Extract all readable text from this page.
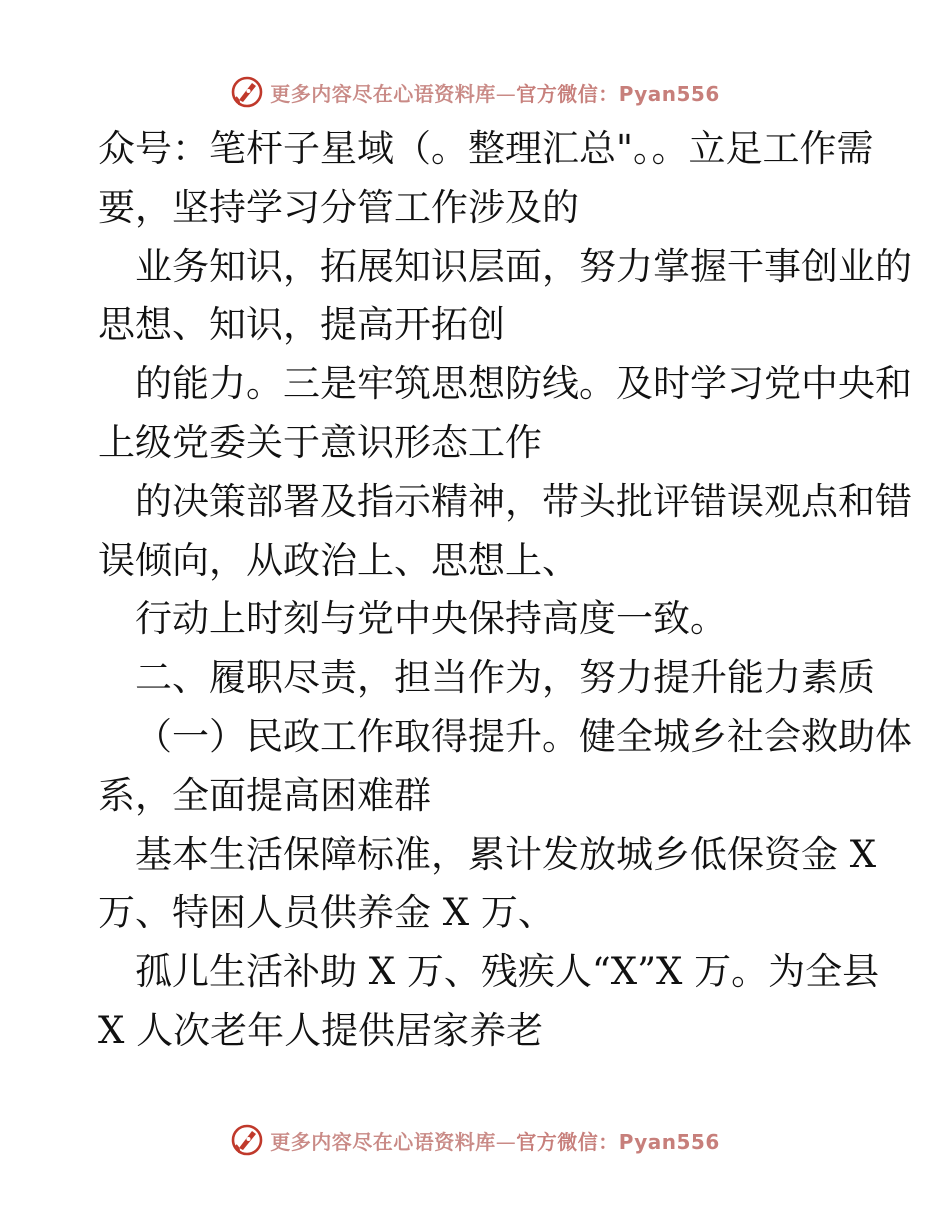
更多内容尽在心语资料库—官方微信：Pyan556
众号：笔杆子星域（。整理汇总"。。立足工作需
要，坚持学习分管工作涉及的
业务知识，拓展知识层面，努力掌握干事创业的
思想、知识，提高开拓创
的能力。三是牢筑思想防线。及时学习党中央和
上级党委关于意识形态工作
的决策部署及指示精神，带头批评错误观点和错
误倾向，从政治上、思想上、
行动上时刻与党中央保持高度一致。
二、履职尽责，担当作为，努力提升能力素质
（一）民政工作取得提升。健全城乡社会救助体
系，全面提高困难群
基本生活保障标准，累计发放城乡低保资金 X
万、特困人员供养金 X 万、
孤儿生活补助 X 万、残疾人“X”X 万。为全县
X 人次老年人提供居家养老
更多内容尽在心语资料库—官方微信：Pyan556
